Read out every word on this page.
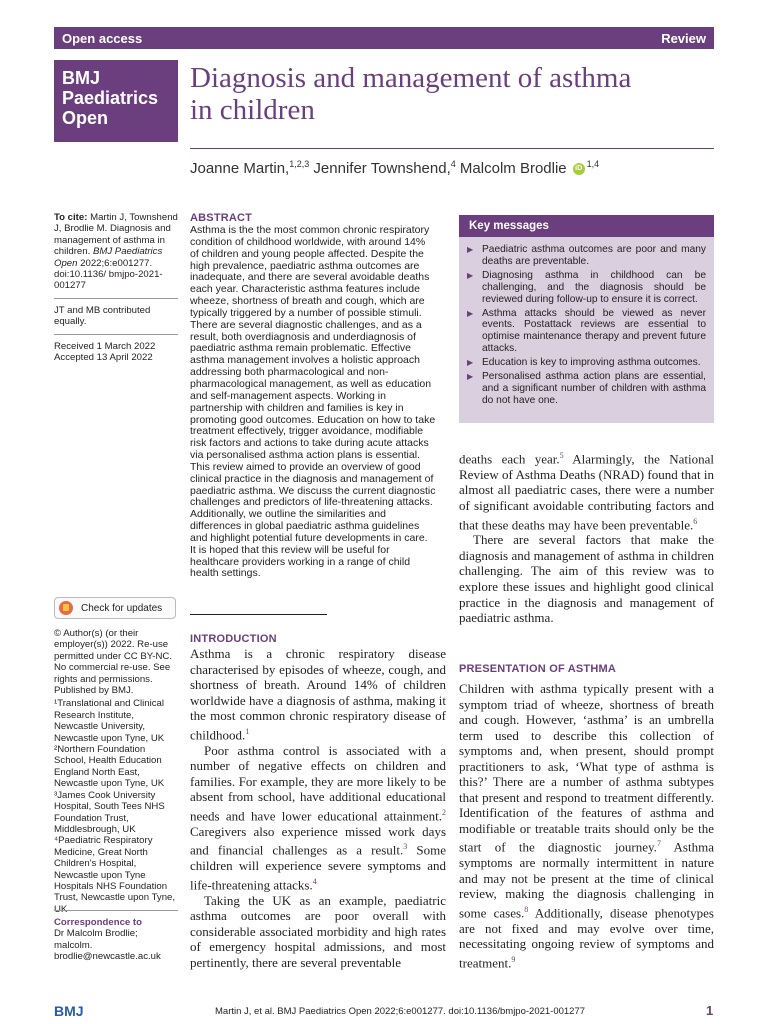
Open access	Review
BMJ
Paediatrics
Open
Diagnosis and management of asthma
in children
Joanne Martin,$^{1,2,3}$ Jennifer Townshend,$^4$ Malcolm Brodlie iD $^{1,4}$
To cite: Martin J, Townshend J, Brodlie M. Diagnosis and management of asthma in children. BMJ Paediatrics Open 2022;6:e001277. doi:10.1136/ bmjpo-2021-001277
JT and MB contributed equally.
Received 1 March 2022
Accepted 13 April 2022
Check for updates
© Author(s) (or their employer(s)) 2022. Re-use permitted under CC BY-NC. No commercial re-use. See rights and permissions. Published by BMJ.
¹Translational and Clinical Research Institute, Newcastle University, Newcastle upon Tyne, UK
²Northern Foundation School, Health Education England North East, Newcastle upon Tyne, UK
³James Cook University Hospital, South Tees NHS Foundation Trust, Middlesbrough, UK
⁴Paediatric Respiratory Medicine, Great North Children's Hospital, Newcastle upon Tyne Hospitals NHS Foundation Trust, Newcastle upon Tyne, UK
Correspondence to
Dr Malcolm Brodlie; malcolm. brodlie@newcastle.ac.uk
ABSTRACT

Asthma is the the most common chronic respiratory condition of childhood worldwide, with around 14% of children and young people affected. Despite the high prevalence, paediatric asthma outcomes are inadequate, and there are several avoidable deaths each year. Characteristic asthma features include wheeze, shortness of breath and cough, which are typically triggered by a number of possible stimuli. There are several diagnostic challenges, and as a result, both overdiagnosis and underdiagnosis of paediatric asthma remain problematic. Effective asthma management involves a holistic approach addressing both pharmacological and non-pharmacological management, as well as education and self-management aspects. Working in partnership with children and families is key in promoting good outcomes. Education on how to take treatment effectively, trigger avoidance, modifiable risk factors and actions to take during acute attacks via personalised asthma action plans is essential.

This review aimed to provide an overview of good clinical practice in the diagnosis and management of paediatric asthma. We discuss the current diagnostic challenges and predictors of life-threatening attacks. Additionally, we outline the similarities and differences in global paediatric asthma guidelines and highlight potential future developments in care. It is hoped that this review will be useful for healthcare providers working in a range of child health settings.

INTRODUCTION

Asthma is a chronic respiratory disease characterised by episodes of wheeze, cough, and shortness of breath. Around 14% of children worldwide have a diagnosis of asthma, making it the most common chronic respiratory disease of childhood.$^1$

Poor asthma control is associated with a number of negative effects on children and families. For example, they are more likely to be absent from school, have additional educational needs and have lower educational attainment.$^2$ Caregivers also experience missed work days and financial challenges as a result.$^3$ Some children will experience severe symptoms and life-threatening attacks.$^4$

Taking the UK as an example, paediatric asthma outcomes are poor overall with considerable associated morbidity and high rates of emergency hospital admissions, and most pertinently, there are several preventable

Key messages
▶ Paediatric asthma outcomes are poor and many deaths are preventable.
▶ Diagnosing asthma in childhood can be challenging, and the diagnosis should be reviewed during follow-up to ensure it is correct.
▶ Asthma attacks should be viewed as never events. Postattack reviews are essential to optimise maintenance therapy and prevent future attacks.
▶ Education is key to improving asthma outcomes.
▶ Personalised asthma action plans are essential, and a significant number of children with asthma do not have one.

deaths each year.$^5$ Alarmingly, the National Review of Asthma Deaths (NRAD) found that in almost all paediatric cases, there were a number of significant avoidable contributing factors and that these deaths may have been preventable.$^6$

There are several factors that make the diagnosis and management of asthma in children challenging. The aim of this review was to explore these issues and highlight good clinical practice in the diagnosis and management of paediatric asthma.

PRESENTATION OF ASTHMA

Children with asthma typically present with a symptom triad of wheeze, shortness of breath and cough. However, ‘asthma’ is an umbrella term used to describe this collection of symptoms and, when present, should prompt practitioners to ask, ‘What type of asthma is this?’ There are a number of asthma subtypes that present and respond to treatment differently. Identification of the features of asthma and modifiable or treatable traits should only be the start of the diagnostic journey.$^7$ Asthma symptoms are normally intermittent in nature and may not be present at the time of clinical review, making the diagnosis challenging in some cases.$^8$ Additionally, disease phenotypes are not fixed and may evolve over time, necessitating ongoing review of symptoms and treatment.$^9$

BMJ	Martin J, et al. BMJ Paediatrics Open 2022;6:e001277. doi:10.1136/bmjpo-2021-001277	1
